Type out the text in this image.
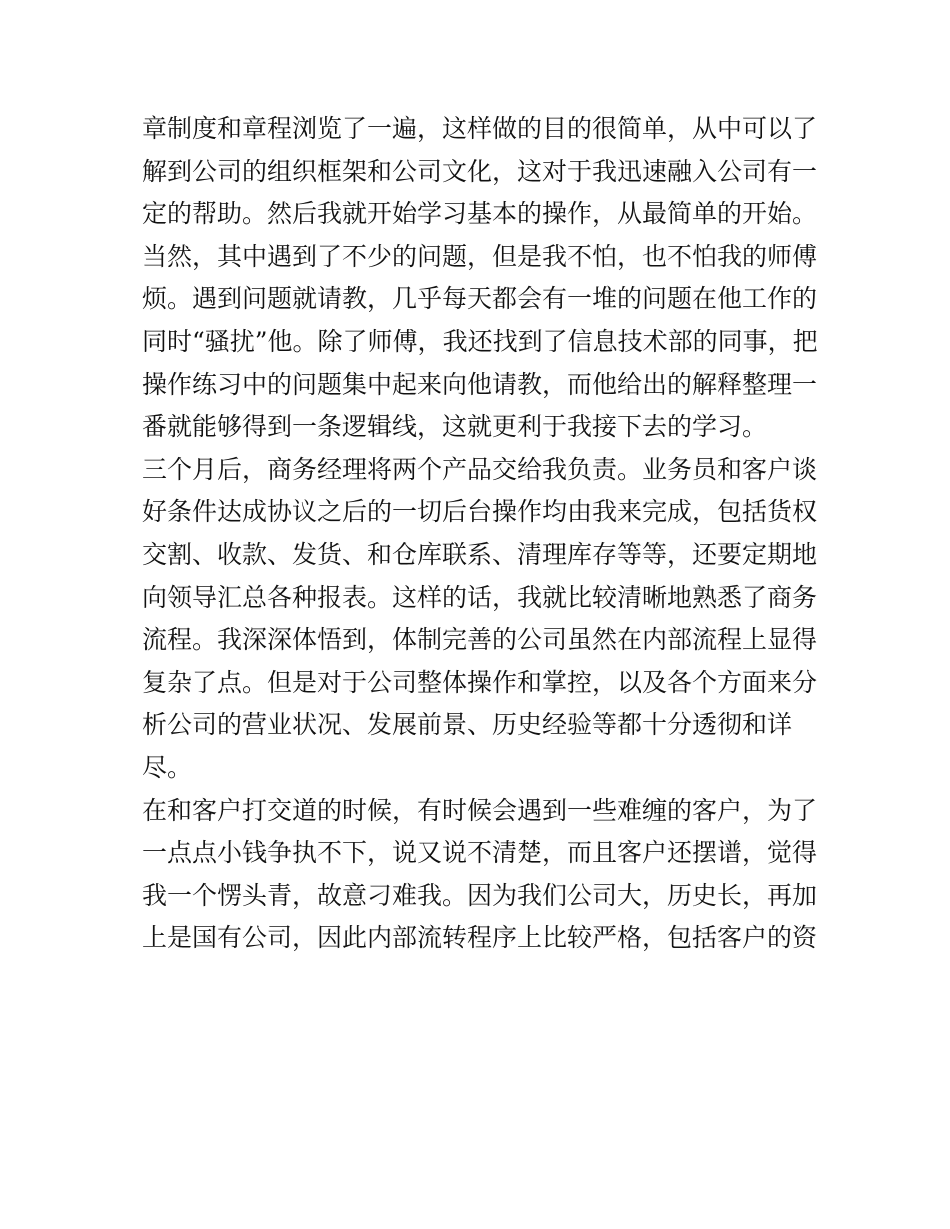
章制度和章程浏览了一遍，这样做的目的很简单，从中可以了
解到公司的组织框架和公司文化，这对于我迅速融入公司有一
定的帮助。然后我就开始学习基本的操作，从最简单的开始。
当然，其中遇到了不少的问题，但是我不怕，也不怕我的师傅
烦。遇到问题就请教，几乎每天都会有一堆的问题在他工作的
同时“骚扰”他。除了师傅，我还找到了信息技术部的同事，把
操作练习中的问题集中起来向他请教，而他给出的解释整理一
番就能够得到一条逻辑线，这就更利于我接下去的学习。
三个月后，商务经理将两个产品交给我负责。业务员和客户谈
好条件达成协议之后的一切后台操作均由我来完成，包括货权
交割、收款、发货、和仓库联系、清理库存等等，还要定期地
向领导汇总各种报表。这样的话，我就比较清晰地熟悉了商务
流程。我深深体悟到，体制完善的公司虽然在内部流程上显得
复杂了点。但是对于公司整体操作和掌控，以及各个方面来分
析公司的营业状况、发展前景、历史经验等都十分透彻和详
尽。
在和客户打交道的时候，有时候会遇到一些难缠的客户，为了
一点点小钱争执不下，说又说不清楚，而且客户还摆谱，觉得
我一个愣头青，故意刁难我。因为我们公司大，历史长，再加
上是国有公司，因此内部流转程序上比较严格，包括客户的资
